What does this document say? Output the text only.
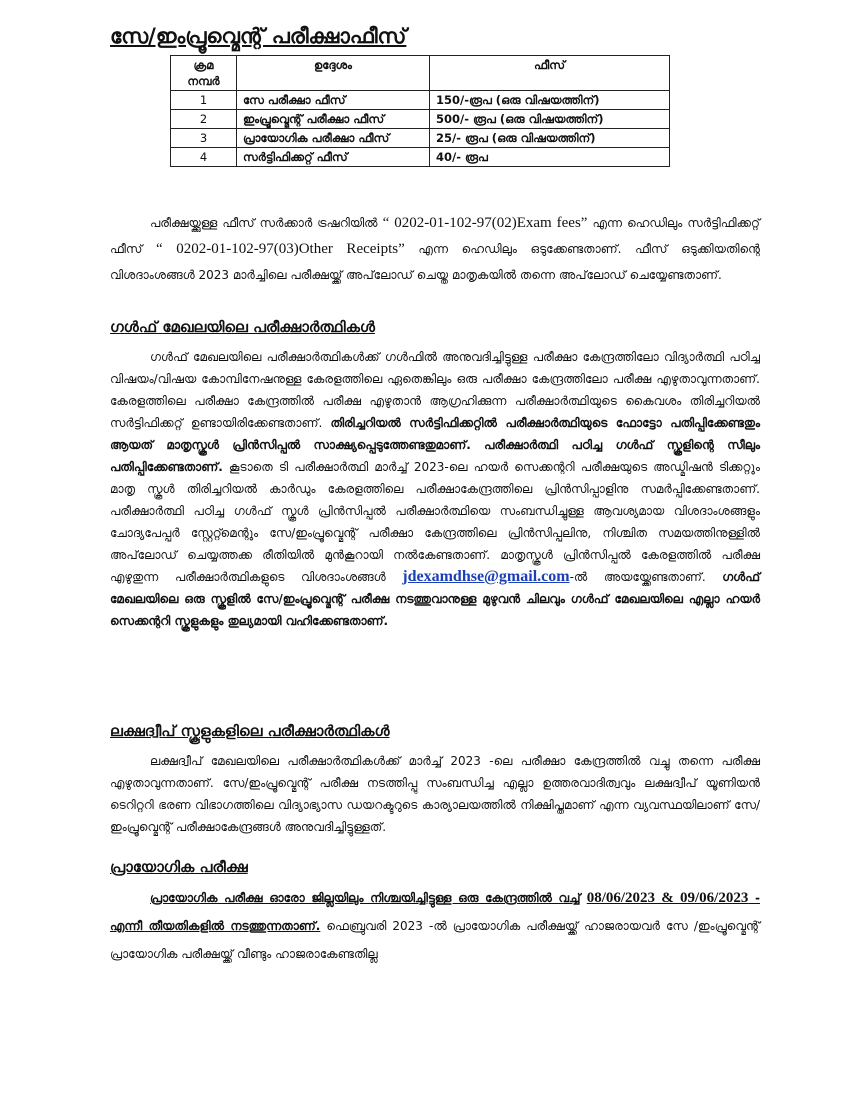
സേ/ഇംപ്രൂവ്മെന്റ് പരീക്ഷാഫീസ്
ക്രമ നമ്പർ	ഉദ്ദേശം	ഫീസ്
1	സേ പരീക്ഷാ ഫീസ്	150/-രൂപ (ഒരു വിഷയത്തിന്)
2	ഇംപ്രൂവ്മെന്റ് പരീക്ഷാ ഫീസ്	500/- രൂപ (ഒരു വിഷയത്തിന്)
3	പ്രായോഗിക പരീക്ഷാ ഫീസ്	25/- രൂപ (ഒരു വിഷയത്തിന്)
4	സർട്ടിഫിക്കറ്റ് ഫീസ്	40/- രൂപ
പരീക്ഷയ്ക്കുള്ള ഫീസ് സർക്കാർ ട്രഷറിയിൽ “ 0202-01-102-97(02)Exam fees” എന്ന ഹെഡിലും സർട്ടിഫിക്കറ്റ് ഫീസ് “ 0202-01-102-97(03)Other Receipts” എന്ന ഹെഡിലും ഒടുക്കേണ്ടതാണ്. ഫീസ് ഒടുക്കിയതിന്റെ വിശദാംശങ്ങൾ 2023 മാർച്ചിലെ പരീക്ഷയ്ക്ക് അപ്‌ലോഡ് ചെയ്ത മാതൃകയിൽ തന്നെ അപ്‌ലോഡ് ചെയ്യേണ്ടതാണ്.
ഗൾഫ് മേഖലയിലെ പരീക്ഷാർത്ഥികൾ
ഗൾഫ് മേഖലയിലെ പരീക്ഷാർത്ഥികൾക്ക് ഗൾഫിൽ അനുവദിച്ചിട്ടുള്ള പരീക്ഷാ കേന്ദ്രത്തിലോ വിദ്യാർത്ഥി പഠിച്ച വിഷയം/വിഷയ കോമ്പിനേഷനുള്ള കേരളത്തിലെ ഏതെങ്കിലും ഒരു പരീക്ഷാ കേന്ദ്രത്തിലോ പരീക്ഷ എഴുതാവുന്നതാണ്. കേരളത്തിലെ പരീക്ഷാ കേന്ദ്രത്തിൽ പരീക്ഷ എഴുതാൻ ആഗ്രഹിക്കുന്ന പരീക്ഷാർത്ഥിയുടെ കൈവശം തിരിച്ചറിയൽ സർട്ടിഫിക്കറ്റ് ഉണ്ടായിരിക്കേണ്ടതാണ്. തിരിച്ചറിയൽ സർട്ടിഫിക്കറ്റിൽ പരീക്ഷാർത്ഥിയുടെ ഫോട്ടോ പതിപ്പിക്കേണ്ടതും ആയത് മാതൃസ്കൂൾ പ്രിൻസിപ്പൽ സാക്ഷ്യപ്പെടുത്തേണ്ടതുമാണ്. പരീക്ഷാർത്ഥി പഠിച്ച ഗൾഫ് സ്കൂളിന്റെ സീലും പതിപ്പിക്കേണ്ടതാണ്. കൂടാതെ ടി പരീക്ഷാർത്ഥി മാർച്ച് 2023-ലെ ഹയർ സെക്കന്ററി പരീക്ഷയുടെ അഡ്മിഷൻ ടിക്കറ്റും മാതൃ സ്കൂൾ തിരിച്ചറിയൽ കാർഡും കേരളത്തിലെ പരീക്ഷാകേന്ദ്രത്തിലെ പ്രിൻസിപ്പാളിനു സമർപ്പിക്കേണ്ടതാണ്. പരീക്ഷാർത്ഥി പഠിച്ച ഗൾഫ് സ്കൂൾ പ്രിൻസിപ്പൽ പരീക്ഷാർത്ഥിയെ സംബന്ധിച്ചുള്ള ആവശ്യമായ വിശദാംശങ്ങളും ചോദ്യപേപ്പർ സ്റ്റേറ്റ്മെന്റും സേ/ഇംപ്രൂവ്മെന്റ് പരീക്ഷാ കേന്ദ്രത്തിലെ പ്രിൻസിപ്പലിനു, നിശ്ചിത സമയത്തിനുള്ളിൽ അപ്‌ലോഡ് ചെയ്യത്തക്ക രീതിയിൽ മുൻകൂറായി നൽകേണ്ടതാണ്. മാതൃസ്കൂൾ പ്രിൻസിപ്പൽ കേരളത്തിൽ പരീക്ഷ എഴുതുന്ന പരീക്ഷാർത്ഥികളുടെ വിശദാംശങ്ങൾ jdexamdhse@gmail.com-ൽ അയയ്ക്കേണ്ടതാണ്. ഗൾഫ് മേഖലയിലെ ഒരു സ്കൂളിൽ സേ/ഇംപ്രൂവ്മെന്റ് പരീക്ഷ നടത്തുവാനുള്ള മുഴുവൻ ചിലവും ഗൾഫ് മേഖലയിലെ എല്ലാ ഹയർ സെക്കന്ററി സ്കൂളുകളും തുല്യമായി വഹിക്കേണ്ടതാണ്.
ലക്ഷദ്വീപ് സ്കൂളുകളിലെ പരീക്ഷാർത്ഥികൾ
ലക്ഷദ്വീപ് മേഖലയിലെ പരീക്ഷാർത്ഥികൾക്ക് മാർച്ച് 2023 -ലെ പരീക്ഷാ കേന്ദ്രത്തിൽ വച്ചു തന്നെ പരീക്ഷ എഴുതാവുന്നതാണ്. സേ/ഇംപ്രൂവ്മെന്റ് പരീക്ഷ നടത്തിപ്പു സംബന്ധിച്ച എല്ലാ ഉത്തരവാദിത്വവും ലക്ഷദ്വീപ് യൂണിയൻ ടെറിറ്ററി ഭരണ വിഭാഗത്തിലെ വിദ്യാഭ്യാസ ഡയറക്ടറുടെ കാര്യാലയത്തിൽ നിക്ഷിപ്തമാണ് എന്ന വ്യവസ്ഥയിലാണ് സേ/ ഇംപ്രൂവ്മെന്റ് പരീക്ഷാകേന്ദ്രങ്ങൾ അനുവദിച്ചിട്ടുള്ളത്.
പ്രായോഗിക പരീക്ഷ
പ്രായോഗിക പരീക്ഷ ഓരോ ജില്ലയിലും നിശ്ചയിച്ചിട്ടുള്ള ഒരു കേന്ദ്രത്തിൽ വച്ച് 08/06/2023 & 09/06/2023 - എന്നീ തീയതികളിൽ നടത്തുന്നതാണ്. ഫെബ്രുവരി 2023 -ൽ പ്രായോഗിക പരീക്ഷയ്ക്ക് ഹാജരായവർ സേ /ഇംപ്രൂവ്മെന്റ് പ്രായോഗിക പരീക്ഷയ്ക്ക് വീണ്ടും ഹാജരാകേണ്ടതില്ല
